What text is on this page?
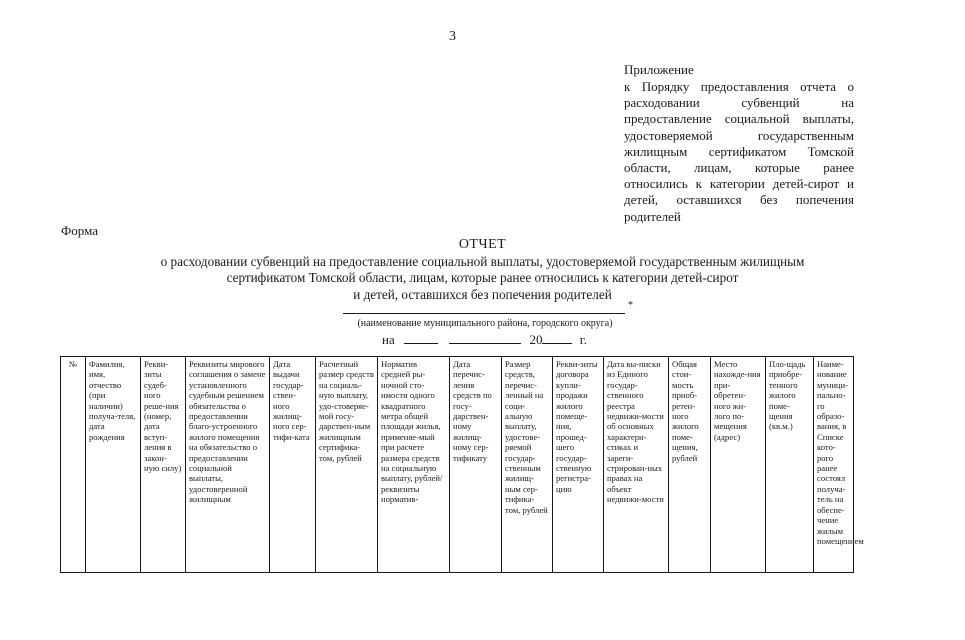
3
Приложение
к Порядку предоставления отчета о расходовании субвенций на предоставление социальной выплаты, удостоверяемой государственным жилищным сертификатом Томской области, лицам, которые ранее относились к категории детей-сирот и детей, оставшихся без попечения родителей
Форма
ОТЧЕТ
о расходовании субвенций на предоставление социальной выплаты, удостоверяемой государственным жилищным
сертификатом Томской области, лицам, которые ранее относились к категории детей-сирот
и детей, оставшихся без попечения родителей
*
(наименование муниципального района, городского округа)
на	20	г.
№	Фамилия, имя, отчество (при наличии) получа-теля, дата рождения	Рекви-зиты судеб-ного реше-ния (номер, дата вступ-ления в закон-ную силу)	Реквизиты мирового соглашения о замене установленного судебным решением обязательства о предоставлении благо-устроенного жилого помещения на обязательство о предоставлении социальной выплаты, удостоверенной жилищным	Дата выдачи государ-ствен-ного жилищ-ного сер-тифи-ката	Расчетный размер средств на социаль-ную выплату, удо-стоверяе-мой госу-дарствен-ным жилищным сертифика-том, рублей	Норматив средней ры-ночной сто-имости одного квадратного метра общей площади жилья, применяе-мый при расчете размера средств на социальную выплату, рублей/ реквизиты норматив-	Дата перечис-ления средств по госу-дарствен-ному жилищ-ному сер-тификату	Размер средств, перечис-ленный на соци-альную выплату, удостове-ряемой государ-ственным жилищ-ным сер-тифика-том, рублей	Рекви-зиты договора купли-продажи жилого помеще-ния, прошед-шего государ-ственную регистра-цию	Дата вы-писки из Единого государ-ственного реестра недвижи-мости об основных характери-стиках и зареги-стрирован-ных правах на объект недвижи-мости	Общая стои-мость приоб-ретен-ного жилого поме-щения, рублей	Место нахожде-ния при-обретен-ного жи-лого по-мещения (адрес)	Пло-щадь приобре-тенного жилого поме-щения (кв.м.)	Наиме-нование муници-пально-го образо-вания, в Списке кото-рого ранее состоял получа-тель на обеспе-чение жилым помещением
